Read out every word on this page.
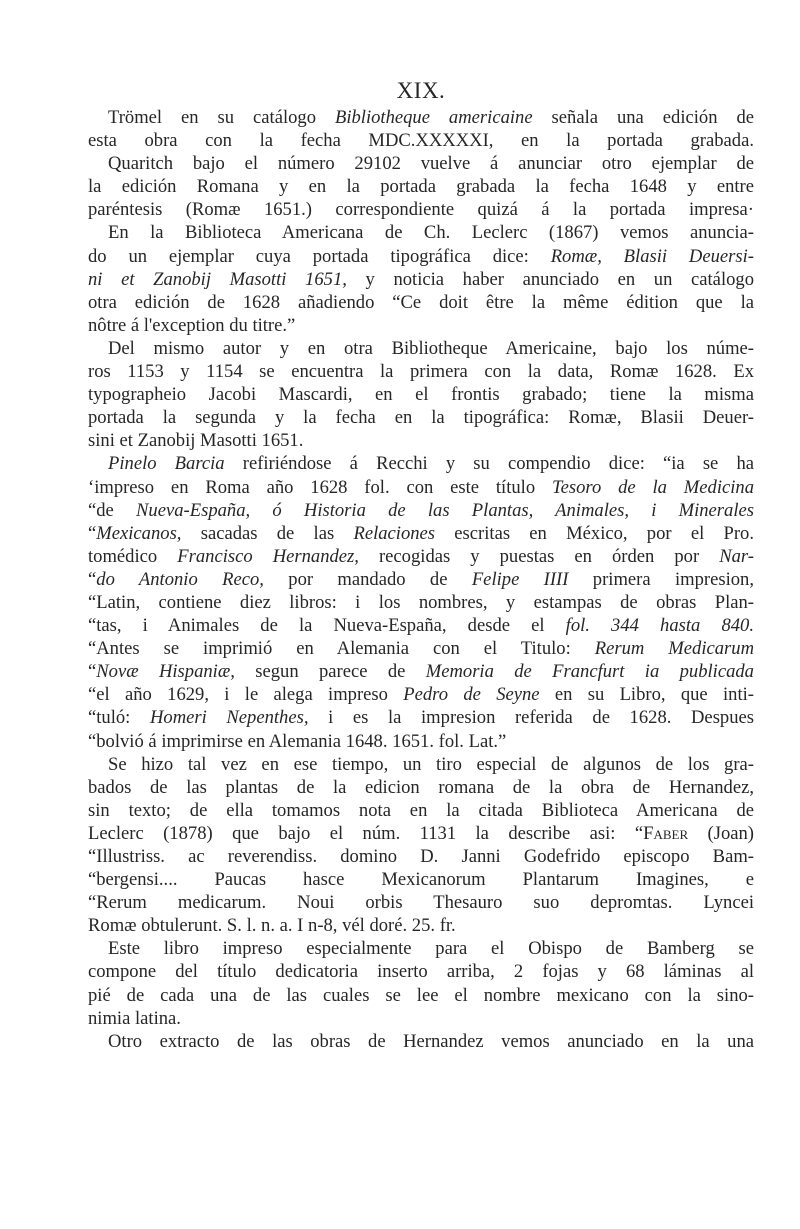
XIX.
Trömel en su catálogo Bibliotheque americaine señala una edición de
esta obra con la fecha MDC.XXXXXI, en la portada grabada.
Quaritch bajo el número 29102 vuelve á anunciar otro ejemplar de
la edición Romana y en la portada grabada la fecha 1648 y entre
paréntesis (Romæ 1651.) correspondiente quizá á la portada impresa·
En la Biblioteca Americana de Ch. Leclerc (1867) vemos anuncia-
do un ejemplar cuya portada tipográfica dice: Romæ, Blasii Deuersi-
ni et Zanobij Masotti 1651, y noticia haber anunciado en un catálogo
otra edición de 1628 añadiendo “Ce doit être la même édition que la
nôtre á l'exception du titre.”
Del mismo autor y en otra Bibliotheque Americaine, bajo los núme-
ros 1153 y 1154 se encuentra la primera con la data, Romæ 1628. Ex
typographeio Jacobi Mascardi, en el frontis grabado; tiene la misma
portada la segunda y la fecha en la tipográfica: Romæ, Blasii Deuer-
sini et Zanobij Masotti 1651.
Pinelo Barcia refiriéndose á Recchi y su compendio dice: “ia se ha
‘impreso en Roma año 1628 fol. con este título Tesoro de la Medicina
“de Nueva-España, ó Historia de las Plantas, Animales, i Minerales
“Mexicanos, sacadas de las Relaciones escritas en México, por el Pro.
tomédico Francisco Hernandez, recogidas y puestas en órden por Nar-
“do Antonio Reco, por mandado de Felipe IIII primera impresion,
“Latin, contiene diez libros: i los nombres, y estampas de obras Plan-
“tas, i Animales de la Nueva-España, desde el fol. 344 hasta 840.
“Antes se imprimió en Alemania con el Titulo: Rerum Medicarum
“Novæ Hispaniæ, segun parece de Memoria de Francfurt ia publicada
“el año 1629, i le alega impreso Pedro de Seyne en su Libro, que inti-
“tuló: Homeri Nepenthes, i es la impresion referida de 1628. Despues
“bolvió á imprimirse en Alemania 1648. 1651. fol. Lat.”
Se hizo tal vez en ese tiempo, un tiro especial de algunos de los gra-
bados de las plantas de la edicion romana de la obra de Hernandez,
sin texto; de ella tomamos nota en la citada Biblioteca Americana de
Leclerc (1878) que bajo el núm. 1131 la describe asi: “Faber (Joan)
“Illustriss. ac reverendiss. domino D. Janni Godefrido episcopo Bam-
“bergensi.... Paucas hasce Mexicanorum Plantarum Imagines, e
“Rerum medicarum. Noui orbis Thesauro suo depromtas. Lyncei
Romæ obtulerunt. S. l. n. a. I n-8, vél doré. 25. fr.
Este libro impreso especialmente para el Obispo de Bamberg se
compone del título dedicatoria inserto arriba, 2 fojas y 68 láminas al
pié de cada una de las cuales se lee el nombre mexicano con la sino-
nimia latina.
Otro extracto de las obras de Hernandez vemos anunciado en la una
